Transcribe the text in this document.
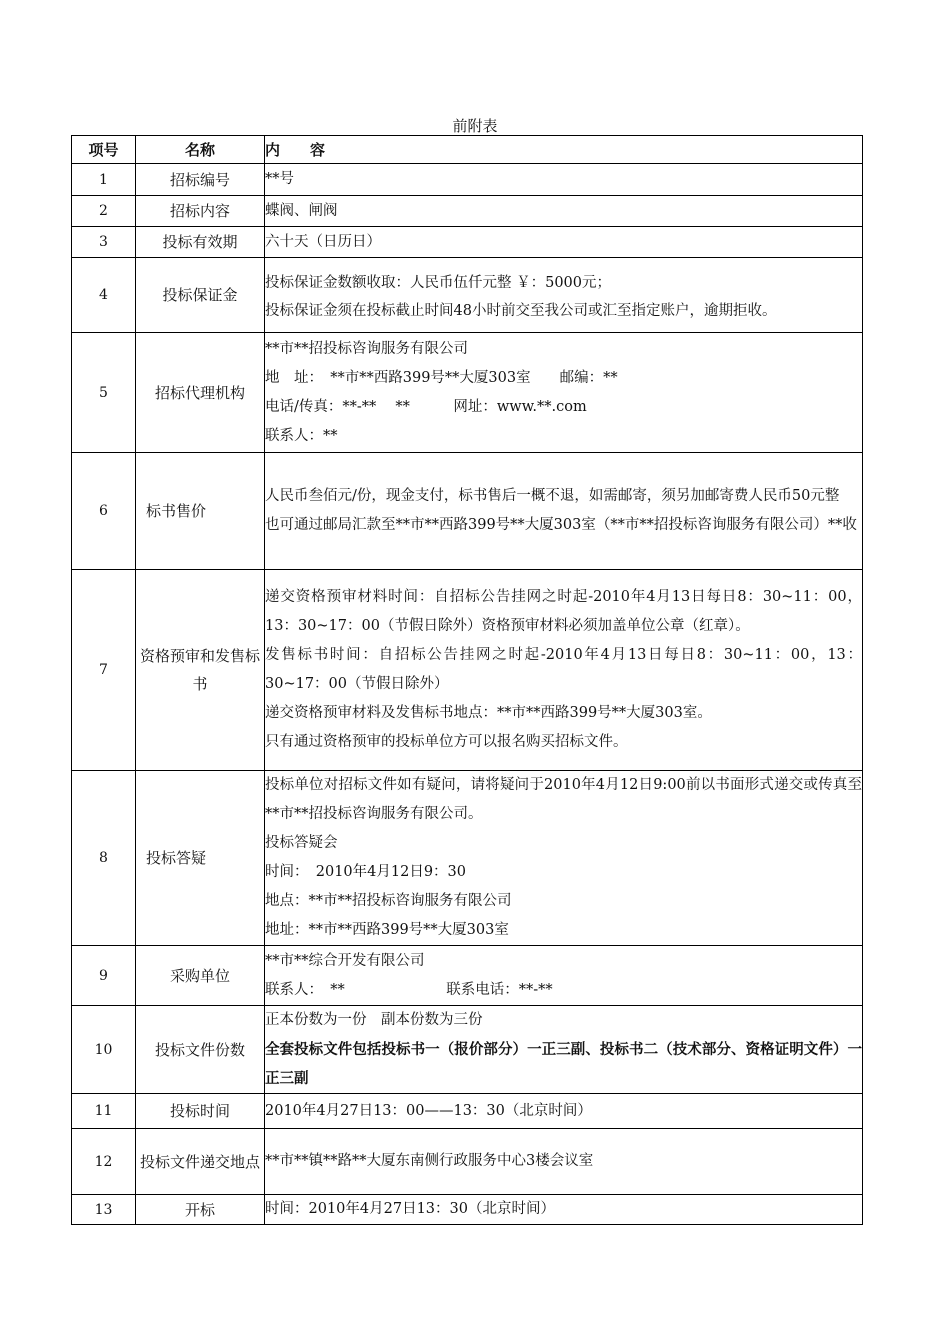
前附表
项号	名称	内　　容
1	招标编号	**号

2	招标内容	蝶阀、闸阀

3	投标有效期	六十天（日历日）

4	投标保证金	投标保证金数额收取：人民币伍仟元整 ￥：5000元；
投标保证金须在投标截止时间48小时前交至我公司或汇至指定账户，逾期拒收。

5	招标代理机构	**市**招投标咨询服务有限公司
地　址：　**市**西路399号**大厦303室　　邮编：**
电话/传真：**-**　 **　　　网址：www.**.com
联系人：**

6	标书售价	人民币叁佰元/份，现金支付，标书售后一概不退，如需邮寄，须另加邮寄费人民币50元整
也可通过邮局汇款至**市**西路399号**大厦303室（**市**招投标咨询服务有限公司）**收

7	资格预审和发售标书	递交资格预审材料时间：自招标公告挂网之时起-2010年4月13日每日8：30~11：00，13：30~17：00（节假日除外）资格预审材料必须加盖单位公章（红章）。
发售标书时间：自招标公告挂网之时起-2010年4月13日每日8：30~11：00，13：30~17：00（节假日除外）
递交资格预审材料及发售标书地点：**市**西路399号**大厦303室。
只有通过资格预审的投标单位方可以报名购买招标文件。

8	投标答疑	投标单位对招标文件如有疑问，请将疑问于2010年4月12日9:00前以书面形式递交或传真至**市**招投标咨询服务有限公司。
投标答疑会
时间：　2010年4月12日9：30
地点：**市**招投标咨询服务有限公司
地址：**市**西路399号**大厦303室

9	采购单位	**市**综合开发有限公司
联系人：　**　　　　　　　联系电话：**-**

10	投标文件份数	正本份数为一份　副本份数为三份
全套投标文件包括投标书一（报价部分）一正三副、投标书二（技术部分、资格证明文件）一正三副

11	投标时间	2010年4月27日13：00——13：30（北京时间）

12	投标文件递交地点	**市**镇**路**大厦东南侧行政服务中心3楼会议室

13	开标	时间：2010年4月27日13：30（北京时间）
